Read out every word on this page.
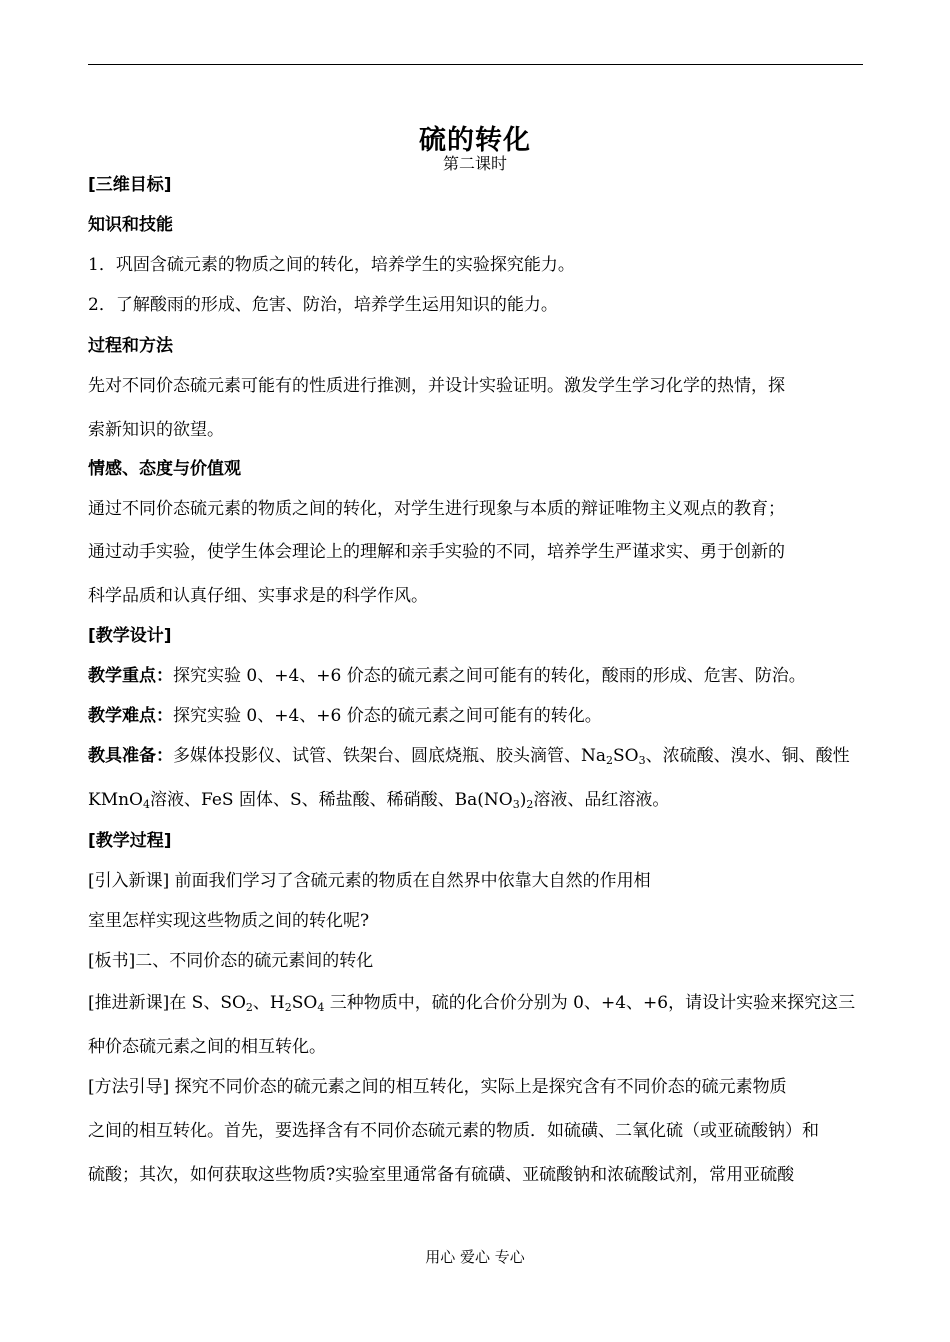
硫的转化
第二课时
[三维目标]
知识和技能
1．巩固含硫元素的物质之间的转化，培养学生的实验探究能力。
2．了解酸雨的形成、危害、防治，培养学生运用知识的能力。
过程和方法
先对不同价态硫元素可能有的性质进行推测，并设计实验证明。激发学生学习化学的热情，探
索新知识的欲望。
情感、态度与价值观
通过不同价态硫元素的物质之间的转化，对学生进行现象与本质的辩证唯物主义观点的教育；
通过动手实验，使学生体会理论上的理解和亲手实验的不同，培养学生严谨求实、勇于创新的
科学品质和认真仔细、实事求是的科学作风。
[教学设计]
教学重点：探究实验 0、+4、+6 价态的硫元素之间可能有的转化，酸雨的形成、危害、防治。
教学难点：探究实验 0、+4、+6 价态的硫元素之间可能有的转化。
教具准备：多媒体投影仪、试管、铁架台、圆底烧瓶、胶头滴管、Na2SO3、浓硫酸、溴水、铜、酸性
KMnO4溶液、FeS 固体、S、稀盐酸、稀硝酸、Ba(NO3)2溶液、品红溶液。
[教学过程]
[引入新课] 前面我们学习了含硫元素的物质在自然界中依靠大自然的作用相
室里怎样实现这些物质之间的转化呢?
[板书]二、不同价态的硫元素间的转化
[推进新课]在 S、SO2、H2SO4 三种物质中，硫的化合价分别为 0、+4、+6，请设计实验来探究这三
种价态硫元素之间的相互转化。
[方法引导] 探究不同价态的硫元素之间的相互转化，实际上是探究含有不同价态的硫元素物质
之间的相互转化。首先，要选择含有不同价态硫元素的物质．如硫磺、二氧化硫（或亚硫酸钠）和
硫酸；其次，如何获取这些物质?实验室里通常备有硫磺、亚硫酸钠和浓硫酸试剂，常用亚硫酸
用心 爱心 专心
